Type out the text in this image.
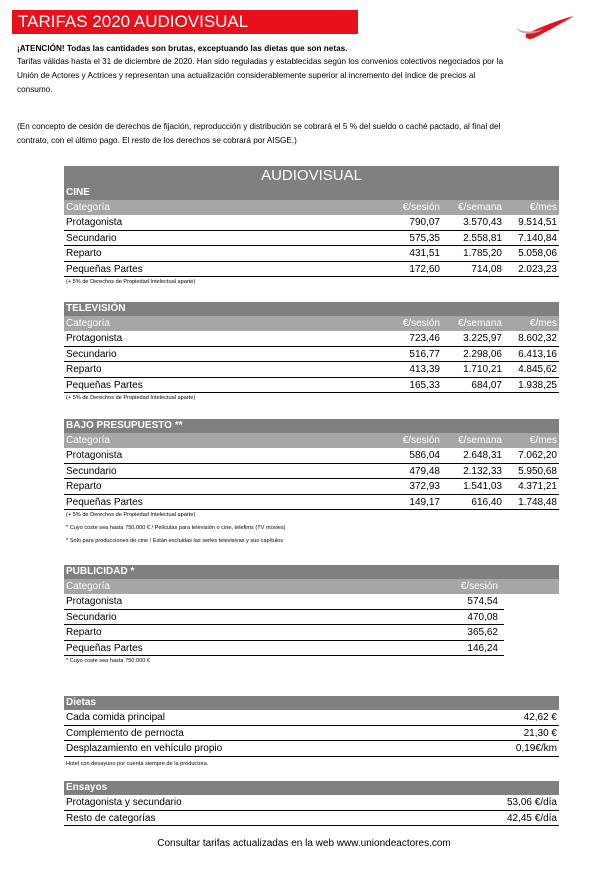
TARIFAS 2020 AUDIOVISUAL
¡ATENCIÓN! Todas las cantidades son brutas, exceptuando las dietas que son netas.
Tarifas válidas hasta el 31 de diciembre de 2020. Han sido reguladas y establecidas según los convenios colectivos negociados por la
Unión de Actores y Actrices y representan una actualización considerablemente superior al incremento del índice de precios al
consumo.
(En concepto de cesión de derechos de fijación, reproducción y distribución se cobrará el 5 % del sueldo o caché pactado, al final del
contrato, con el último pago. El resto de los derechos se cobrará por AISGE.)
AUDIOVISUAL
CINE
Categoría	€/sesión	€/semana	€/mes
Protagonista	790,07	3.570,43	9.514,51
Secundario	575,35	2.558,81	7.140,84
Reparto	431,51	1.785,20	5.058,06
Pequeñas Partes	172,60	714,08	2.023,23
(+ 5% de Derechos de Propiedad Intelectual aparte)
TELEVISIÓN
Categoría	€/sesión	€/semana	€/mes
Protagonista	723,46	3.225,97	8.602,32
Secundario	516,77	2.298,06	6.413,16
Reparto	413,39	1.710,21	4.845,62
Pequeñas Partes	165,33	684,07	1.938,25
(+ 5% de Derechos de Propiedad Intelectual aparte)
BAJO PRESUPUESTO **
Categoría	€/sesión	€/semana	€/mes
Protagonista	586,04	2.648,31	7.062,20
Secundario	479,48	2.132,33	5.950,68
Reparto	372,93	1.541,03	4.371,21
Pequeñas Partes	149,17	616,40	1.748,48
(+ 5% de Derechos de Propiedad Intelectual aparte)
* Cuyo coste sea hasta 750.000 € / Películas para televisión o cine, telefims (TV movies)
* Sólo para producciones de cine / Están excluidas las series televisivas y sus capítulos
PUBLICIDAD *
Categoría	€/sesión
Protagonista	574,54
Secundario	470,08
Reparto	365,62
Pequeñas Partes	146,24
* Cuyo coste sea hasta 750.000 €
Dietas
Cada comida principal	42,62 €
Complemento de pernocta	21,30 €
Desplazamiento en vehículo propio	0,19€/km
Hotel con desayuno por cuenta siempre de la productora.
Ensayos
Protagonista y secundario	53,06 €/día
Resto de categorías	42,45 €/día
Consultar tarifas actualizadas en la web www.uniondeactores.com
